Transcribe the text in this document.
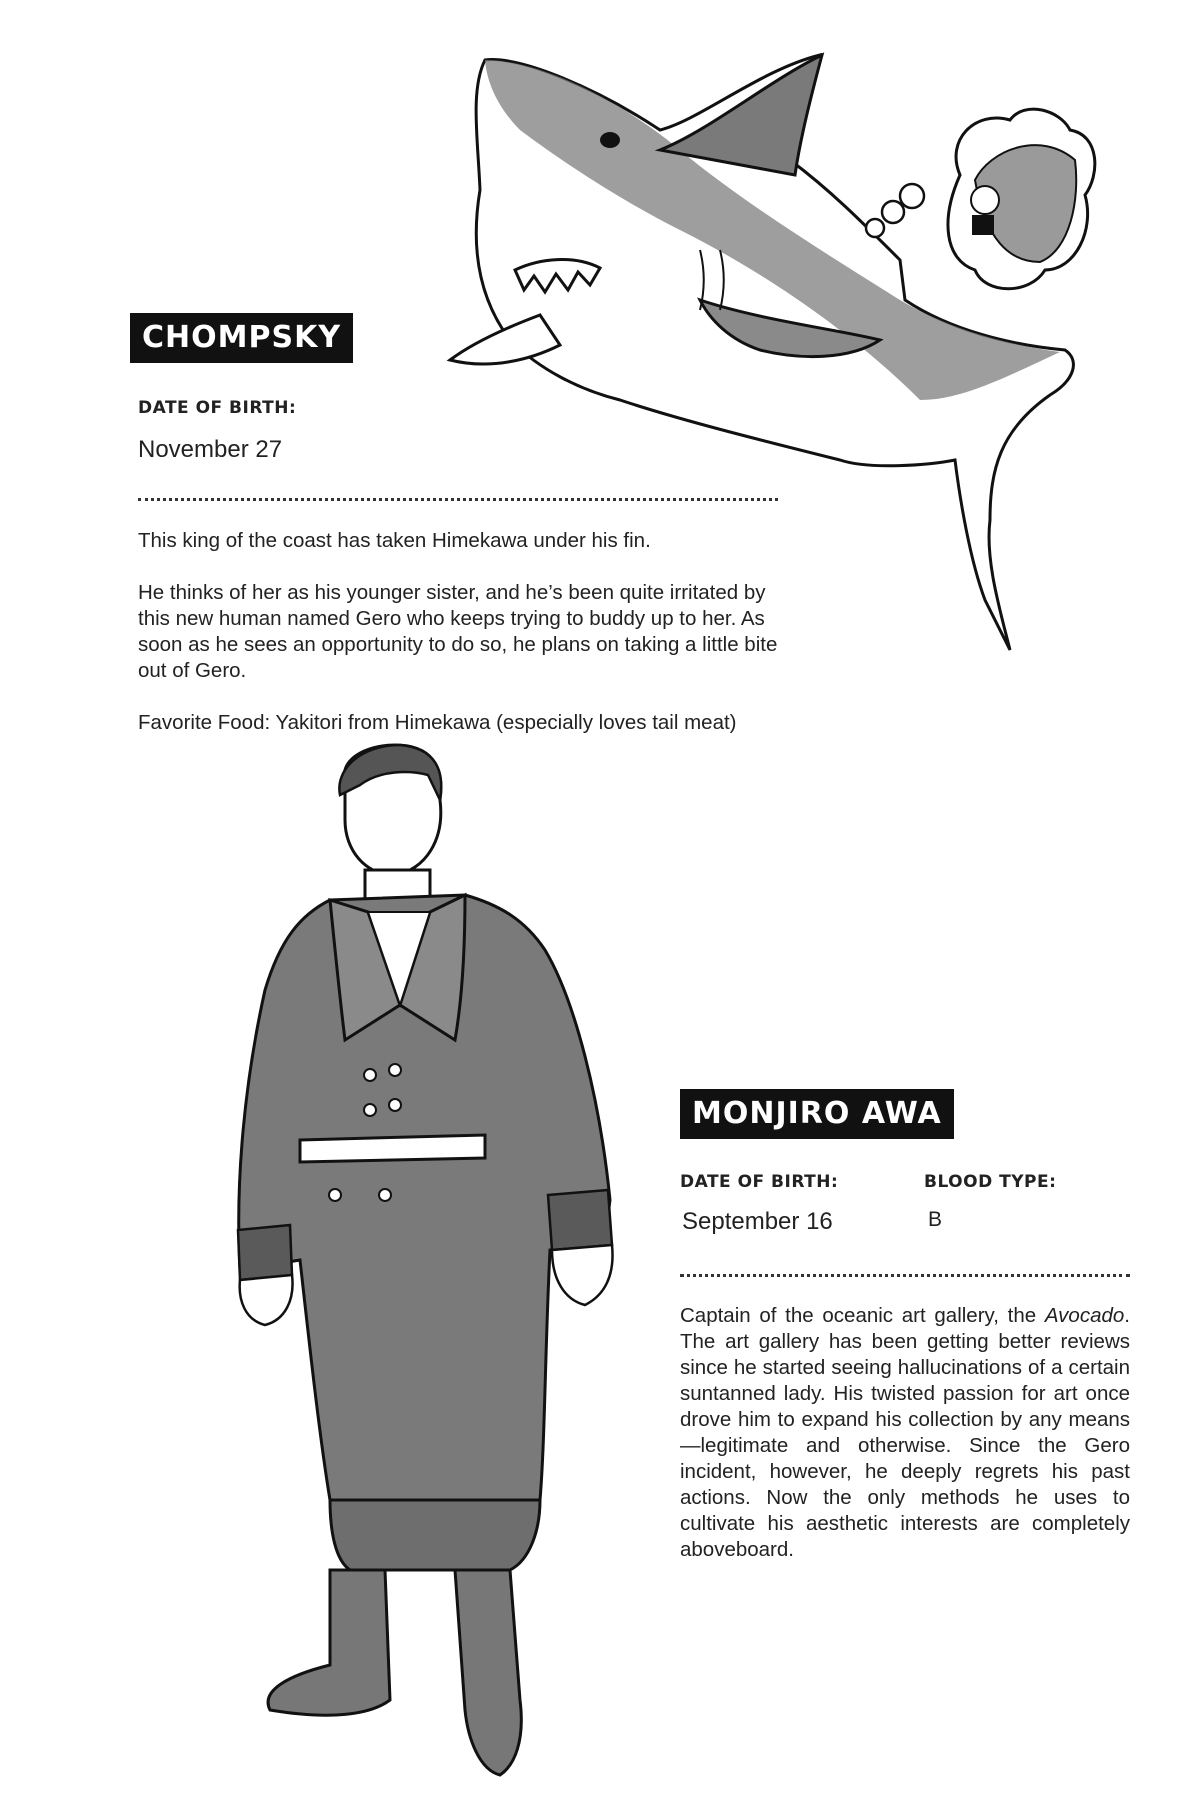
CHOMPSKY
DATE OF BIRTH:
November 27

This king of the coast has taken Himekawa under his fin.

He thinks of her as his younger sister, and he’s been quite irritated by this new human named Gero who keeps trying to buddy up to her. As soon as he sees an opportunity to do so, he plans on taking a little bite out of Gero.

Favorite Food: Yakitori from Himekawa (especially loves tail meat)

MONJIRO AWA
DATE OF BIRTH:
September 16
BLOOD TYPE:
B
Captain of the oceanic art gallery, the Avocado. The art gallery has been getting better reviews since he started seeing hallucinations of a certain suntanned lady. His twisted passion for art once drove him to expand his collection by any means—legitimate and otherwise. Since the Gero incident, however, he deeply regrets his past actions. Now the only methods he uses to cultivate his aesthetic interests are completely aboveboard.
